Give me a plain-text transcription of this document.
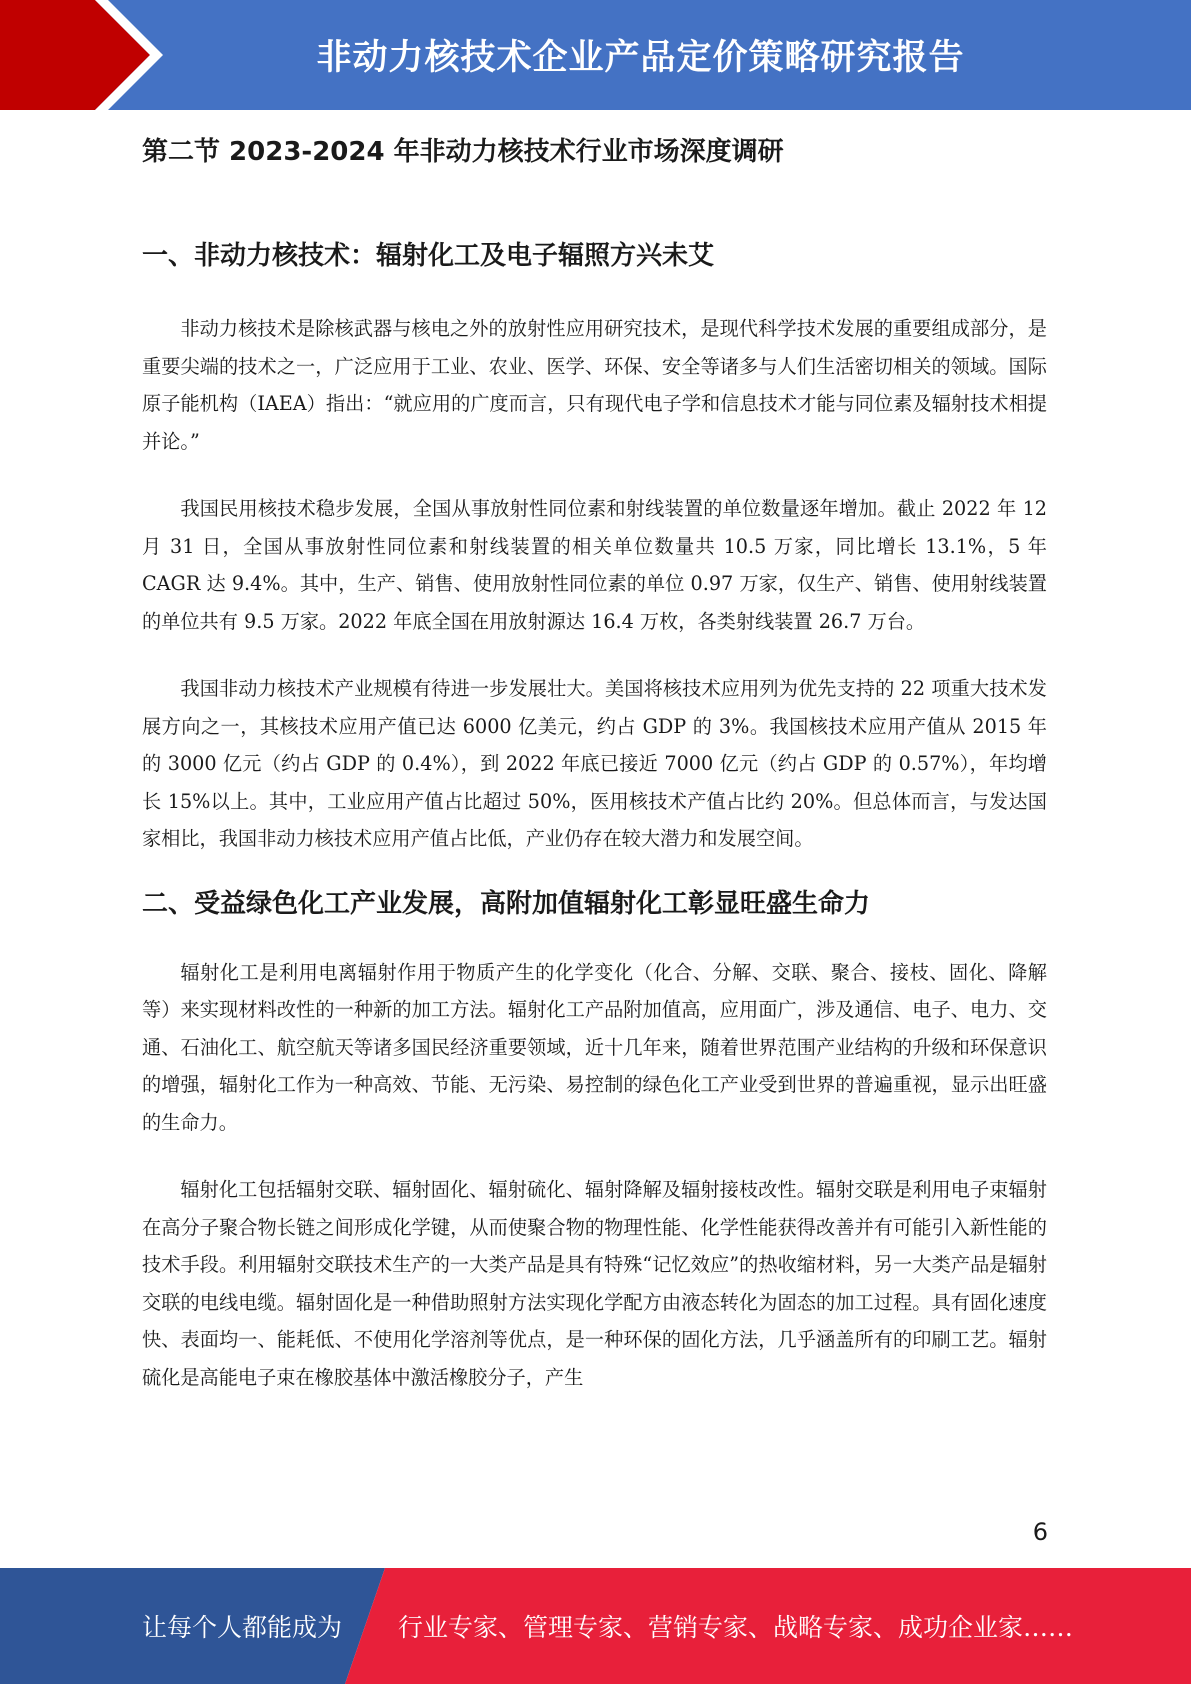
非动力核技术企业产品定价策略研究报告
第二节 2023-2024 年非动力核技术行业市场深度调研
一、非动力核技术：辐射化工及电子辐照方兴未艾

非动力核技术是除核武器与核电之外的放射性应用研究技术，是现代科学技术发展的重要组成部分，是重要尖端的技术之一，广泛应用于工业、农业、医学、环保、安全等诸多与人们生活密切相关的领域。国际原子能机构（IAEA）指出：“就应用的广度而言，只有现代电子学和信息技术才能与同位素及辐射技术相提并论。”

我国民用核技术稳步发展，全国从事放射性同位素和射线装置的单位数量逐年增加。截止 2022 年 12 月 31 日，全国从事放射性同位素和射线装置的相关单位数量共 10.5 万家，同比增长 13.1%，5 年 CAGR 达 9.4%。其中，生产、销售、使用放射性同位素的单位 0.97 万家，仅生产、销售、使用射线装置的单位共有 9.5 万家。2022 年底全国在用放射源达 16.4 万枚，各类射线装置 26.7 万台。

我国非动力核技术产业规模有待进一步发展壮大。美国将核技术应用列为优先支持的 22 项重大技术发展方向之一，其核技术应用产值已达 6000 亿美元，约占 GDP 的 3%。我国核技术应用产值从 2015 年的 3000 亿元（约占 GDP 的 0.4%），到 2022 年底已接近 7000 亿元（约占 GDP 的 0.57%），年均增长 15%以上。其中，工业应用产值占比超过 50%，医用核技术产值占比约 20%。但总体而言，与发达国家相比，我国非动力核技术应用产值占比低，产业仍存在较大潜力和发展空间。

二、受益绿色化工产业发展，高附加值辐射化工彰显旺盛生命力

辐射化工是利用电离辐射作用于物质产生的化学变化（化合、分解、交联、聚合、接枝、固化、降解等）来实现材料改性的一种新的加工方法。辐射化工产品附加值高，应用面广，涉及通信、电子、电力、交通、石油化工、航空航天等诸多国民经济重要领域，近十几年来，随着世界范围产业结构的升级和环保意识的增强，辐射化工作为一种高效、节能、无污染、易控制的绿色化工产业受到世界的普遍重视，显示出旺盛的生命力。

辐射化工包括辐射交联、辐射固化、辐射硫化、辐射降解及辐射接枝改性。辐射交联是利用电子束辐射在高分子聚合物长链之间形成化学键，从而使聚合物的物理性能、化学性能获得改善并有可能引入新性能的技术手段。利用辐射交联技术生产的一大类产品是具有特殊“记忆效应”的热收缩材料，另一大类产品是辐射交联的电线电缆。辐射固化是一种借助照射方法实现化学配方由液态转化为固态的加工过程。具有固化速度快、表面均一、能耗低、不使用化学溶剂等优点，是一种环保的固化方法，几乎涵盖所有的印刷工艺。辐射硫化是高能电子束在橡胶基体中激活橡胶分子，产生

6
让每个人都能成为 行业专家、管理专家、营销专家、战略专家、成功企业家……
